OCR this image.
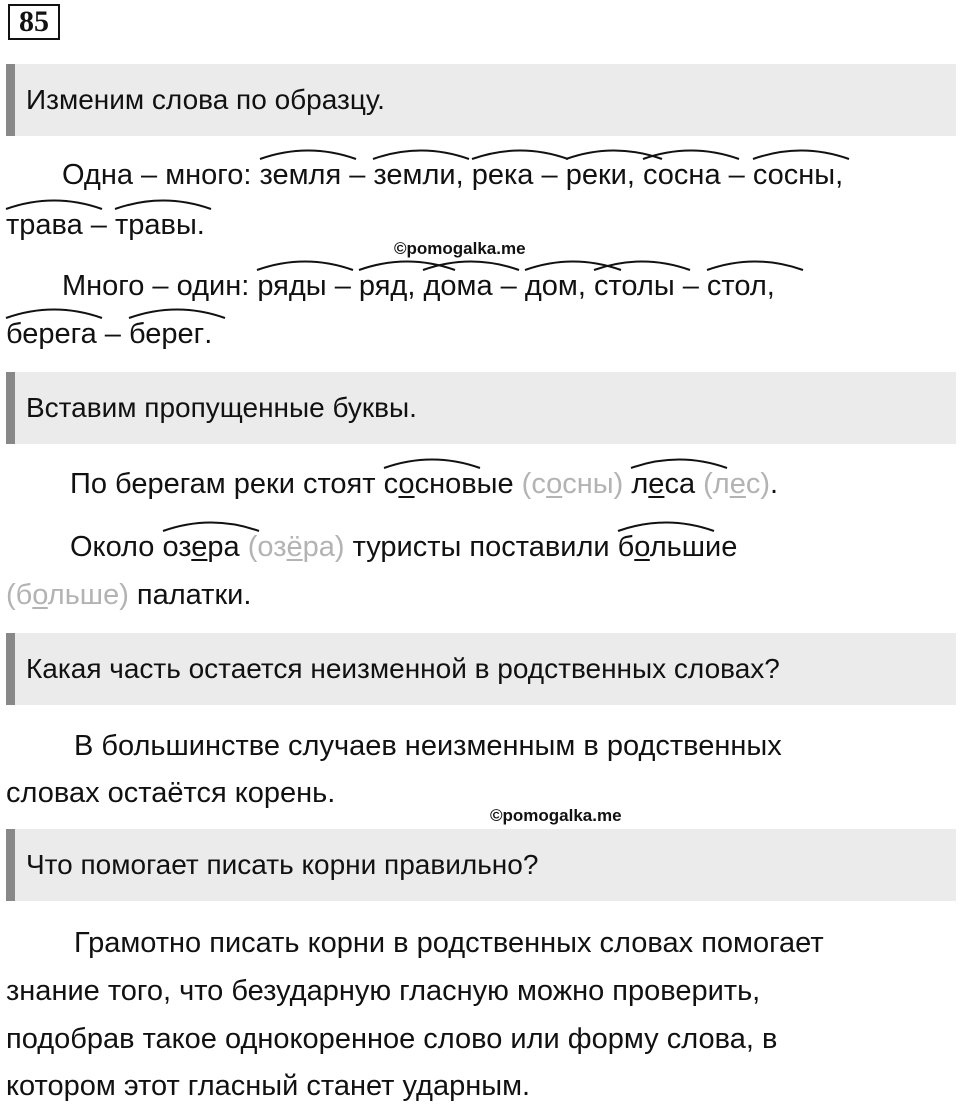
85
Изменим слова по образцу.
Одна – много:
земля –
земли,
река –
реки,
сосна –
сосны,
трава –
травы.
©pomogalka.me
Много – один:
ряды –
ряд,
дома –
дом,
столы –
стол,
берега –
берег.
Вставим пропущенные буквы.
По берегам реки стоят
сосновые (сосны) леса (лес).
Около
озера (озёра) туристы поставили
большие
(больше) палатки.
Какая часть остается неизменной в родственных словах?
В большинстве случаев неизменным в родственных
словах остаётся корень.
©pomogalka.me
Что помогает писать корни правильно?
Грамотно писать корни в родственных словах помогает
знание того, что безударную гласную можно проверить,
подобрав такое однокоренное слово или форму слова, в
котором этот гласный станет ударным.
